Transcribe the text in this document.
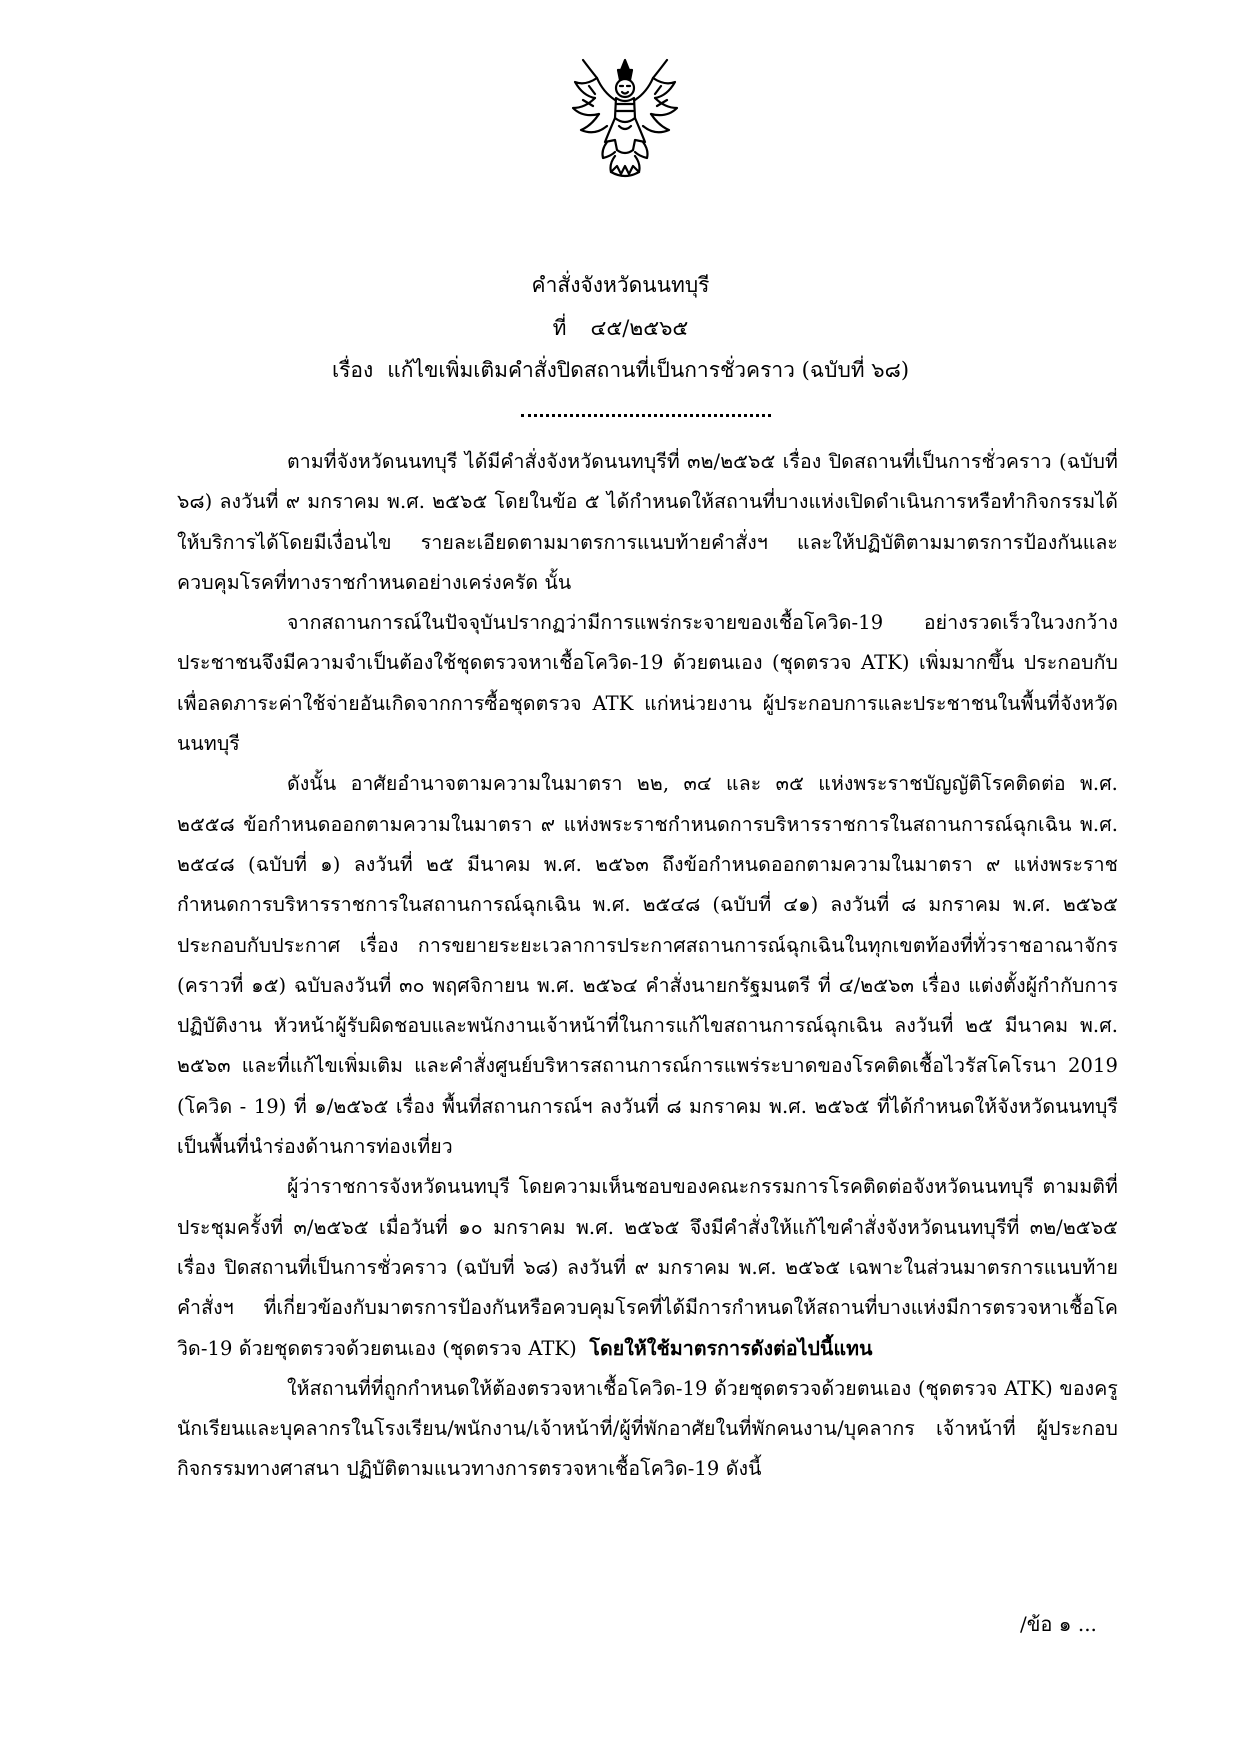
คำสั่งจังหวัดนนทบุรี
ที่ ๔๕/๒๕๖๕
เรื่อง แก้ไขเพิ่มเติมคำสั่งปิดสถานที่เป็นการชั่วคราว (ฉบับที่ ๖๘)

ตามที่จังหวัดนนทบุรี ได้มีคำสั่งจังหวัดนนทบุรีที่ ๓๒/๒๕๖๕ เรื่อง ปิดสถานที่เป็นการชั่วคราว (ฉบับที่ ๖๘) ลงวันที่ ๙ มกราคม พ.ศ. ๒๕๖๕ โดยในข้อ ๕ ได้กำหนดให้สถานที่บางแห่งเปิดดำเนินการหรือทำกิจกรรมได้ให้บริการได้โดยมีเงื่อนไข รายละเอียดตามมาตรการแนบท้ายคำสั่งฯ และให้ปฏิบัติตามมาตรการป้องกันและควบคุมโรคที่ทางราชกำหนดอย่างเคร่งครัด นั้น

จากสถานการณ์ในปัจจุบันปรากฏว่ามีการแพร่กระจายของเชื้อโควิด-19 อย่างรวดเร็วในวงกว้าง ประชาชนจึงมีความจำเป็นต้องใช้ชุดตรวจหาเชื้อโควิด-19 ด้วยตนเอง (ชุดตรวจ ATK) เพิ่มมากขึ้น ประกอบกับเพื่อลดภาระค่าใช้จ่ายอันเกิดจากการซื้อชุดตรวจ ATK แก่หน่วยงาน ผู้ประกอบการและประชาชนในพื้นที่จังหวัดนนทบุรี

ดังนั้น อาศัยอำนาจตามความในมาตรา ๒๒, ๓๔ และ ๓๕ แห่งพระราชบัญญัติโรคติดต่อ พ.ศ. ๒๕๕๘ ข้อกำหนดออกตามความในมาตรา ๙ แห่งพระราชกำหนดการบริหารราชการในสถานการณ์ฉุกเฉิน พ.ศ. ๒๕๔๘ (ฉบับที่ ๑) ลงวันที่ ๒๕ มีนาคม พ.ศ. ๒๕๖๓ ถึงข้อกำหนดออกตามความในมาตรา ๙ แห่งพระราชกำหนดการบริหารราชการในสถานการณ์ฉุกเฉิน พ.ศ. ๒๕๔๘ (ฉบับที่ ๔๑) ลงวันที่ ๘ มกราคม พ.ศ. ๒๕๖๕ ประกอบกับประกาศ เรื่อง การขยายระยะเวลาการประกาศสถานการณ์ฉุกเฉินในทุกเขตท้องที่ทั่วราชอาณาจักร (คราวที่ ๑๕) ฉบับลงวันที่ ๓๐ พฤศจิกายน พ.ศ. ๒๕๖๔ คำสั่งนายกรัฐมนตรี ที่ ๔/๒๕๖๓ เรื่อง แต่งตั้งผู้กำกับการปฏิบัติงาน หัวหน้าผู้รับผิดชอบและพนักงานเจ้าหน้าที่ในการแก้ไขสถานการณ์ฉุกเฉิน ลงวันที่ ๒๕ มีนาคม พ.ศ. ๒๕๖๓ และที่แก้ไขเพิ่มเติม และคำสั่งศูนย์บริหารสถานการณ์การแพร่ระบาดของโรคติดเชื้อไวรัสโคโรนา 2019 (โควิด - 19) ที่ ๑/๒๕๖๕ เรื่อง พื้นที่สถานการณ์ฯ ลงวันที่ ๘ มกราคม พ.ศ. ๒๕๖๕ ที่ได้กำหนดให้จังหวัดนนทบุรีเป็นพื้นที่นำร่องด้านการท่องเที่ยว

ผู้ว่าราชการจังหวัดนนทบุรี โดยความเห็นชอบของคณะกรรมการโรคติดต่อจังหวัดนนทบุรี ตามมติที่ประชุมครั้งที่ ๓/๒๕๖๕ เมื่อวันที่ ๑๐ มกราคม พ.ศ. ๒๕๖๕ จึงมีคำสั่งให้แก้ไขคำสั่งจังหวัดนนทบุรีที่ ๓๒/๒๕๖๕ เรื่อง ปิดสถานที่เป็นการชั่วคราว (ฉบับที่ ๖๘) ลงวันที่ ๙ มกราคม พ.ศ. ๒๕๖๕ เฉพาะในส่วนมาตรการแนบท้ายคำสั่งฯ ที่เกี่ยวข้องกับมาตรการป้องกันหรือควบคุมโรคที่ได้มีการกำหนดให้สถานที่บางแห่งมีการตรวจหาเชื้อโควิด-19 ด้วยชุดตรวจด้วยตนเอง (ชุดตรวจ ATK) โดยให้ใช้มาตรการดังต่อไปนี้แทน

ให้สถานที่ที่ถูกกำหนดให้ต้องตรวจหาเชื้อโควิด-19 ด้วยชุดตรวจด้วยตนเอง (ชุดตรวจ ATK) ของครู นักเรียนและบุคลากรในโรงเรียน/พนักงาน/เจ้าหน้าที่/ผู้ที่พักอาศัยในที่พักคนงาน/บุคลากร เจ้าหน้าที่ ผู้ประกอบกิจกรรมทางศาสนา ปฏิบัติตามแนวทางการตรวจหาเชื้อโควิด-19 ดังนี้

/ข้อ ๑ ...
